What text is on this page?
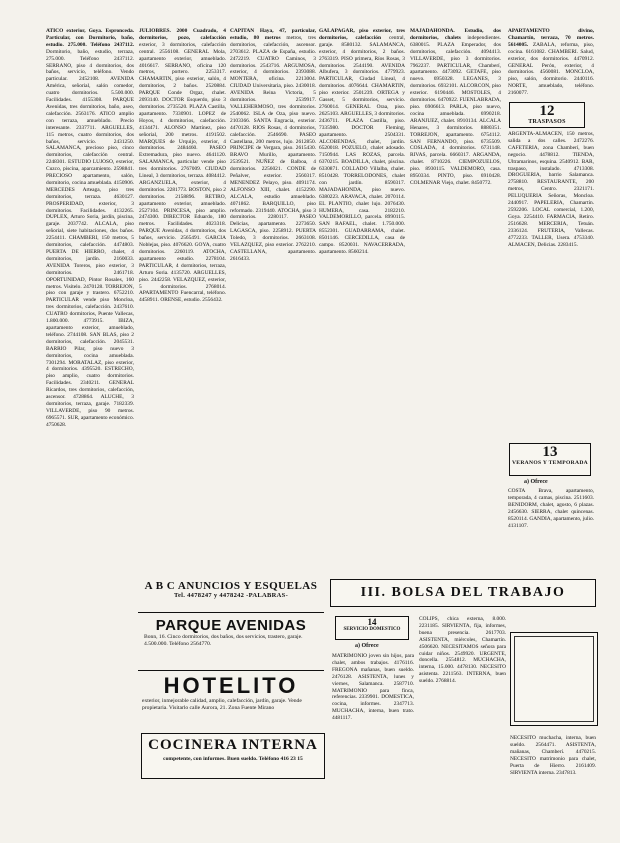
ATICO exterior, Goya. Espronceda. Particular, con Dormitorio, baño, estudio. 275.000. Teléfono 2437112. Dormitorio, baño, estudio, terraza, 275.000. Teléfono 2437112. SERRANO, piso 4 dormitorios, dos baños, servicio, teléfono. Vendo particular. 2452108. AVENIDA América, señorial, salón comedor, cuatro dormitorios. 5.500.000. Facilidades. 4155308. PARQUE Avenidas, tres dormitorios, baño, aseo, calefacción. 2563176. ATICO amplio con terraza, amueblado. Precio interesante. 2337711. ARGUELLES, 115 metros, cuatro dormitorios, dos baños, servicio. 2431250. SALAMANCA, precioso piso, cinco dormitorios, calefacción central. 2248301. ESTUDIO LUJOSO, exterior, Cuzco, piscina, aparcamiento. 2598841. PRECIOSO apartamento, salón, dormitorio, cocina amueblada. 4150906. MERCEDES Arteaga, piso tres dormitorios, terraza. 4630127. PROSPERIDAD, exterior, 3 dormitorios. Facilidades. 4132265. DUPLEX, Arturo Soria, jardín, piscina, garaje. 2037742. ALCALA, piso señorial, siete habitaciones, dos baños. 2254411. CHAMBERI, 150 metros, 5 dormitorios, calefacción. 4474803. PUERTA DE HIERRO, chalet, 4 dormitorios, jardín. 2160033. AVENIDA Toreros, piso exterior, 3 dormitorios. 2461718. OPORTUNIDAD, Pintor Rosales, 160 metros. Visítelo. 2470128. TORREJON, piso con garaje y trastero. 6752210. PARTICULAR vende piso Moncloa, tres dormitorios, calefacción. 2437610. CUATRO dormitorios, Puente Vallecas, 1.800.000. 4773915. IBIZA, apartamento exterior, amueblado, teléfono. 2744108. SAN BLAS, piso 2 dormitorios, calefacción. 2045531. BARRIO Pilar, piso nuevo 3 dormitorios, cocina amueblada. 7301294. MORATALAZ, piso exterior, 4 dormitorios. 4395520. ESTRECHO, piso amplio, cuatro dormitorios. Facilidades. 2340211. GENERAL Ricardos, tres dormitorios, calefacción, ascensor. 4728864. ALUCHE, 3 dormitorios, terraza, garaje. 7182339. VILLAVERDE, piso 90 metros. 6965571. SUR, apartamento económico. 4750628.

JULIOBRES. 2000 Cuadrado, 4 dormitorios, pozo, calefacción exterior, 3 dormitorios, calefacción central. 2556108. GENERAL Mola, apartamento exterior, amueblado. 4016617. SERRANO, oficina 120 metros, portero. 2253317. CHAMARTIN, piso exterior, salón, 4 dormitorios, 2 baños. 2520884. PARQUE Conde Orgaz, chalet. 2093140. DOCTOR Esquerdo, piso 3 dormitorios. 2735520. PLAZA Castilla, apartamento. 7330901. LOPEZ de Hoyos, 4 dormitorios, calefacción. 4134471. ALONSO Martínez, piso señorial, 200 metros. 4191502. MARQUES de Urquijo, exterior, 4 dormitorios. 2484460. PASEO Extremadura, piso nuevo. 4641120. SALAMANCA, particular vende piso tres dormitorios. 2767009. CIUDAD Lineal, 3 dormitorios, terraza. 4084412. ARGANZUELA, exterior, 4 dormitorios. 2281773. BOSTON, piso 2 dormitorios. 2158896. RETIRO, apartamento exterior, amueblado. 2527104. PRINCESA, piso amplio. 2474300. DIRECTOR Eduardo, 180 metros. Facilidades. 4023318. PARQUE Avenidas, 4 dormitorios, dos baños, servicio. 2565491. GARCIA Noblejas, piso. 4076620. GOYA, cuatro dormitorios. 2260119. ATOCHA, apartamento estudio. 2278104. PARTICULAR, 4 dormitorios, terraza, Arturo Soria. 4135720. ARGUELLES, piso. 2442258. VELAZQUEZ, exterior, 5 dormitorios. 2768014. APARTAMENTO Fuencarral, teléfono. 4458911. ORENSE, estudio. 2556432.

CAPITAN Haya, 47, particular, estudio, 80 metros metros, tres dormitorios, calefacción, ascensor. 2703612. PLAZA de España, estudio. 2472219. CUATRO Caminos, 3 dormitorios. 2543716. ARGUMOSA, exterior, 4 dormitorios. 2393088. MONTERA, oficina. 2213004. CIUDAD Universitaria, piso. 2430018. AVENIDA Reina Victoria, 5 dormitorios. 2539917. VALLEHERMOSO, tres dormitorios. 2540062. ISLA de Oza, piso nuevo. 2103366. SANTA Engracia, exterior. 4470128. RIOS Rosas, 4 dormitorios, calefacción. 2546690. PASEO Castellana, 200 metros, lujo. 2612850. PRINCIPE de Vergara, piso. 2615430. BRAVO Murillo, apartamento. 2539521. NUÑEZ de Balboa, 4 dormitorios. 2256021. CONDE de Peñalver, exterior. 2560317. MENENDEZ Pelayo, piso. 4091174. ALFONSO XIII, chalet. 4152290. ALCALA, estudio amueblado. 4071862. BARQUILLO, piso reformado. 2319440. ATOCHA, piso 3 dormitorios. 2280117. PASEO Delicias, apartamento. 2273650. LAGASCA, piso. 2258912. PUERTA Toledo, 3 dormitorios. 2663108. VELAZQUEZ, piso exterior. 2762210. CASTELLANA, apartamento. 2616433.

GALAPAGAR, piso exterior, tres dormitorios, calefacción central, garaje. 8580132. SALAMANCA, exterior, 4 dormitorios, 2 baños. 2763319. PISO primera, Ríos Rosas, 3 dormitorios. 2544190. AVENIDA Albufera, 3 dormitorios. 4779923. PARTICULAR, Ciudad Lineal, 4 dormitorios. 4076644. CHAMARTIN, piso exterior. 2501239. ORTEGA y Gasset, 5 dormitorios, servicio. 2760014. GENERAL Oraa, piso. 2625103. ARGUELLES, 3 dormitorios. 2436711. PLAZA Castilla, piso. 7335980. DOCTOR Fleming, apartamento. 2504331. ALCOBENDAS, chalet, jardín. 6520018. POZUELO, chalet adosado. 7150944. LAS ROZAS, parcela. 6370215. BOADILLA, chalet, piscina. 6330871. COLLADO Villalba, chalet. 8510428. TORRELODONES, chalet con jardín. 8590317. MAJADAHONDA, piso nuevo. 6380223. ARAVACA, chalet. 2070114. EL PLANTIO, chalet lujo. 2076430. HUMERA, casa. 2182210. VALDEMORILLO, parcela. 8990115. SAN RAFAEL, chalet. 1.750.000. 8552301. GUADARRAMA, chalet. 8501146. CERCEDILLA, casa de campo. 8520031. NAVACERRADA, apartamento. 8560214.

MAJADAHONDA. Estudio, dos dormitorios, chalets independientes. 6380015. PLAZA Emperador, dos dormitorios, calefacción. 4094413. VILLAVERDE, piso 3 dormitorios. 7962237. PARTICULAR, Chamberí, apartamento. 4473092. GETAFE, piso nuevo. 6950328. LEGANES, 3 dormitorios. 6932101. ALCORCON, piso exterior. 6190446. MOSTOLES, 4 dormitorios. 6470922. FUENLABRADA, piso. 6906613. PARLA, piso nuevo, cocina amueblada. 6990218. ARANJUEZ, chalet. 8910134. ALCALA Henares, 3 dormitorios. 8880351. TORREJON, apartamento. 6754112. SAN FERNANDO, piso. 6735509. COSLADA, 4 dormitorios. 6731148. RIVAS, parcela. 6660317. ARGANDA, chalet. 8710226. CIEMPOZUELOS, piso. 8930115. VALDEMORO, casa. 8950334. PINTO, piso. 6910428. COLMENAR Viejo, chalet. 8450772.

APARTAMENTO divino, Chamartín, terraza, 70 metros. 5614005. ZABALA, reforma, piso, cocina. 6161082. CHAMBERI. Salud, exterior, dos dormitorios. 4470912. GENERAL Perón, exterior, 4 dormitorios. 4560081. MONCLOA, piso, salón, dormitorio. 2440116. NORTE, amueblado, teléfono. 2160077.

12
TRASPASOS

ARGENTA-ALMACEN, 150 metros, salida a dos calles. 2472276. CAFETERIA, zona Chamberí, buen negocio. 4478812. TIENDA, Ultramarinos, esquina. 2540912. BAR, traspaso, instalado. 4713308. DROGUERIA, barrio Salamanca. 2758810. RESTAURANTE, 200 metros, Centro. 2321171. PELUQUERIA Señoras, Moncloa. 2440917. PAPELERIA, Chamartín. 2592206. LOCAL comercial, 1.200, Goya. 2254410. FARMACIA, Retiro. 2516628. MERCERIA, Tetuán. 2336124. FRUTERIA, Vallecas. 4772233. TALLER, Usera. 4753340. ALMACEN, Delicias. 2283415.

13
VERANOS Y TEMPORADA
a) Ofrece

COSTA Brava, apartamento, temporada, 4 camas, piscina. 2511603. BENIDORM, chalet, agosto, 6 plazas. 2456630. SIERRA, chalet quincenas. 8520114. GANDIA, apartamento, julio. 4131107.

A B C ANUNCIOS Y ESQUELAS
Tel. 4478247 y 4478242 -PALABRAS-
PARQUE AVENIDAS
Bonn, 16. Cinco dormitorios, dos baños, dos servicios, trastero, garaje. 4.500.000. Teléfono 2564770.
HOTELITO
exterior, inmejorable calidad, amplio, calefacción, jardín, garaje. Vende propietaria. Visitarlo calle Aurora, 21. Zona Fuente Mirano
COCINERA INTERNA
competente, con informes. Buen sueldo. Teléfono 416 23 15
III. BOLSA DEL TRABAJO
14
SERVICIO DOMESTICO
a) Ofrece

MATRIMONIO joven sin hijos, para chalet, ambos trabajos. 4176116. FREGONA mañanas, buen sueldo. 2476128. ASISTENTA, lunes y viernes, Salamanca. 2587710. MATRIMONIO para finca, referencias. 2339901. DOMESTICA, cocina, informes. 2347713. MUCHACHA, interna, buen trato. 4481117.

COLIPS, chica externa, 8.000. 2231185. SIRVIENTA, fija, informes, buena presencia. 2617703. ASISTENTA, miércoles, Chamartín. 4506620. NECESITAMOS señora para cuidar niños. 2549920. URGENTE, doncella. 2554812. MUCHACHA, interna, 15.000. 4478130. NECESITO asistenta. 2211563. INTERNA, buen sueldo. 2768814.

NECESITO muchacha, interna, buen sueldo. 2564471. ASISTENTA, mañanas, Chamberí. 4470215. NECESITO matrimonio para chalet, Puerta de Hierro. 2161409. SIRVIENTA interna. 2347813.
